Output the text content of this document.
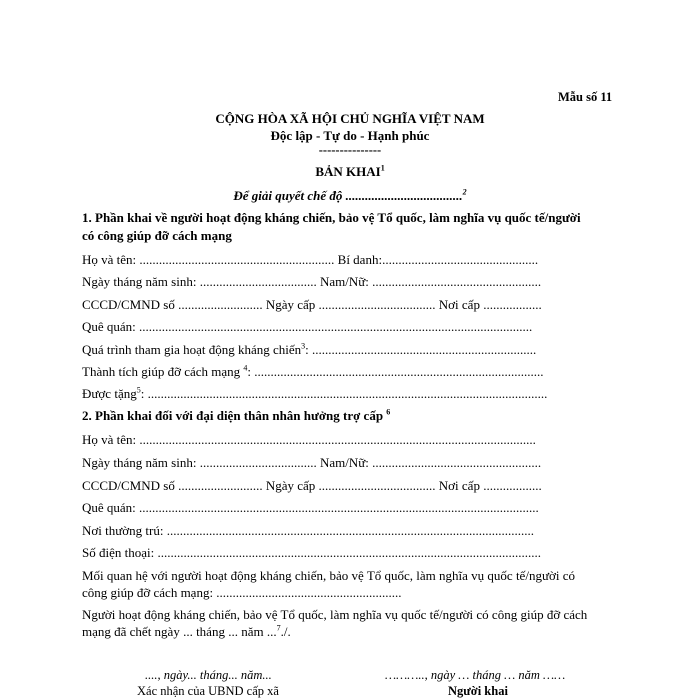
Mẫu số 11
CỘNG HÒA XÃ HỘI CHỦ NGHĨA VIỆT NAM
Độc lập - Tự do - Hạnh phúc
---------------
BẢN KHAI$^1$
Để giải quyết chế độ ....................................$^2$
1. Phần khai về người hoạt động kháng chiến, bảo vệ Tổ quốc, làm nghĩa vụ quốc tế/người
có công giúp đỡ cách mạng
Họ và tên: ............................................................ Bí danh:................................................
Ngày tháng năm sinh: .................................... Nam/Nữ: ....................................................
CCCD/CMND số .......................... Ngày cấp .................................... Nơi cấp ..................
Quê quán: .........................................................................................................................
Quá trình tham gia hoạt động kháng chiến$^3$: .....................................................................
Thành tích giúp đỡ cách mạng $^4$: .........................................................................................
Được tặng$^5$: ...........................................................................................................................
2. Phần khai đối với đại diện thân nhân hưởng trợ cấp $^6$
Họ và tên: ..........................................................................................................................
Ngày tháng năm sinh: .................................... Nam/Nữ: ....................................................
CCCD/CMND số .......................... Ngày cấp .................................... Nơi cấp ..................
Quê quán: ...........................................................................................................................
Nơi thường trú: .................................................................................................................
Số điện thoại: ......................................................................................................................
Mối quan hệ với người hoạt động kháng chiến, bảo vệ Tổ quốc, làm nghĩa vụ quốc tế/người có
công giúp đỡ cách mạng: .........................................................
Người hoạt động kháng chiến, bảo vệ Tổ quốc, làm nghĩa vụ quốc tế/người có công giúp đỡ cách
mạng đã chết ngày ... tháng ... năm ...$^7$./.
...., ngày... tháng... năm...	……….., ngày … tháng … năm ……
Xác nhận của UBND cấp xã	Người khai
